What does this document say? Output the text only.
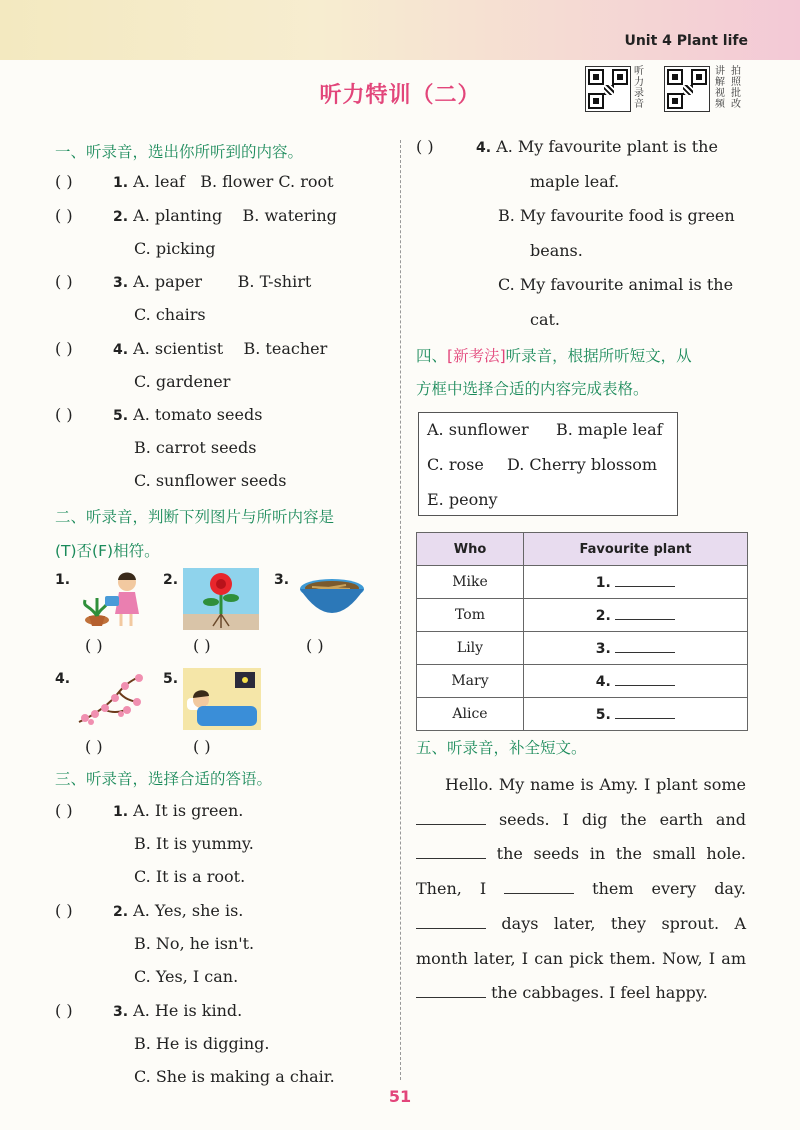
Unit 4 Plant life
听力特训（二）
听力录音
讲解视频
拍照批改
一、听录音，选出你所听到的内容。
( )	1. A. leaf B. flower C. root
( )	2. A. planting B. watering
C. picking
( )	3. A. paper B. T-shirt
C. chairs
( )	4. A. scientist B. teacher
C. gardener
( )	5. A. tomato seeds
B. carrot seeds
C. sunflower seeds
二、听录音，判断下列图片与所听内容是
(T)否(F)相符。
1.
( )
2.
( )
3.
( )
4.
( )
5.
( )
三、听录音，选择合适的答语。
( )	1. A. It is green.
B. It is yummy.
C. It is a root.
( )	2. A. Yes, she is.
B. No, he isn't.
C. Yes, I can.
( )	3. A. He is kind.
B. He is digging.
C. She is making a chair.
( )	4. A. My favourite plant is the
maple leaf.
B. My favourite food is green
beans.
C. My favourite animal is the
cat.
四、[新考法]听录音，根据所听短文，从
方框中选择合适的内容完成表格。
A. sunflower B. maple leaf
C. rose D. Cherry blossom
E. peony
Who	Favourite plant
Mike	1.
Tom	2.
Lily	3.
Mary	4.
Alice	5.
五、听录音，补全短文。
Hello. My name is Amy. I plant some  seeds. I dig the earth and  the seeds in the small hole. Then, I	them every day.  days later, they sprout. A month later, I can pick them. Now, I am  the cabbages. I feel happy.
51
